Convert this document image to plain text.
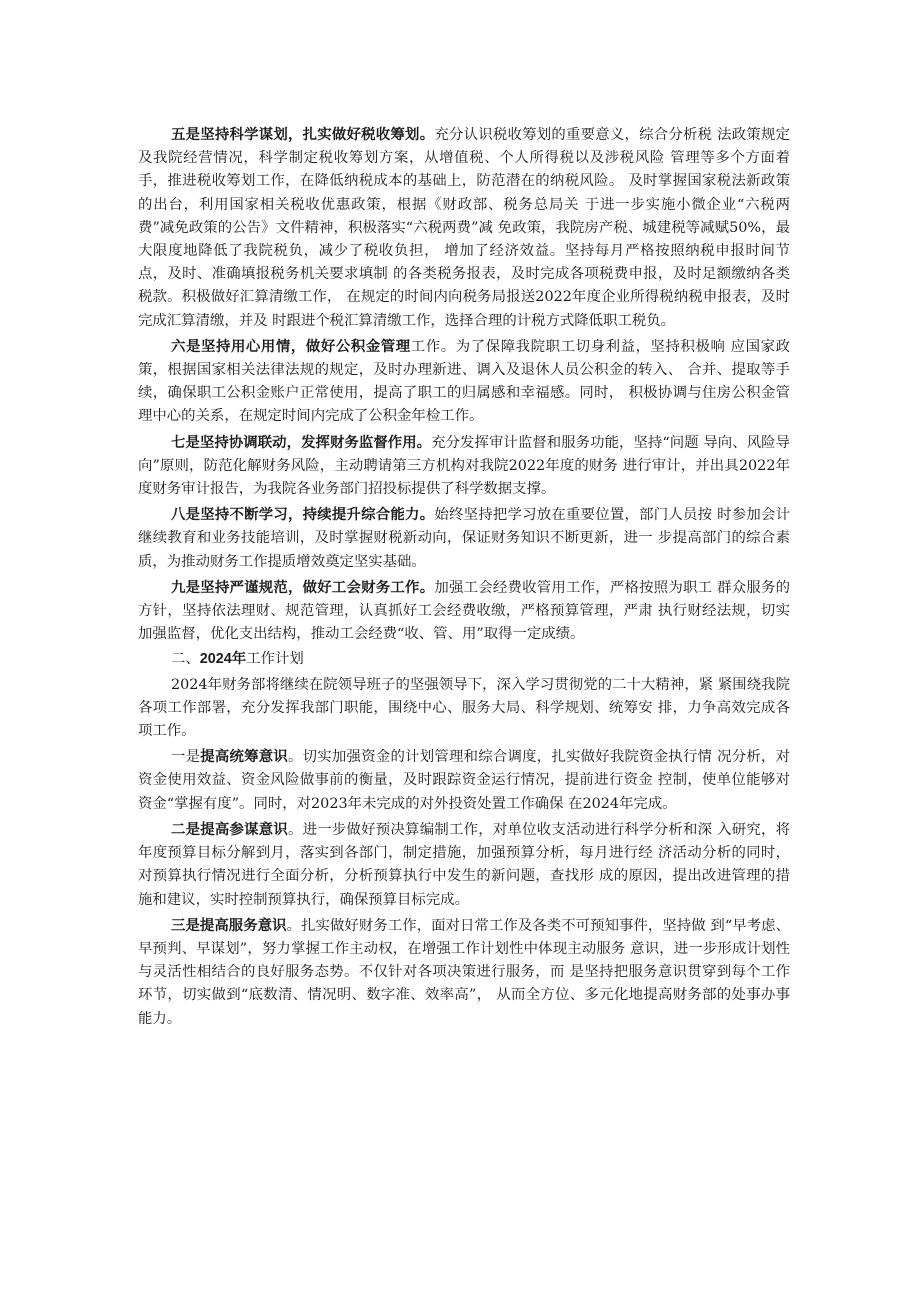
五是坚持科学谋划，扎实做好税收筹划。充分认识税收筹划的重要意义，综合分析税 法政策规定及我院经营情况，科学制定税收筹划方案，从增值税、个人所得税以及涉税风险 管理等多个方面着手，推进税收筹划工作，在降低纳税成本的基础上，防范潜在的纳税风险。 及时掌握国家税法新政策的出台，利用国家相关税收优惠政策，根据《财政部、税务总局关 于进一步实施小微企业“六税两费”减免政策的公告》文件精神，积极落实“六税两费”减 免政策，我院房产税、城建税等减赋50%，最大限度地降低了我院税负，减少了税收负担， 增加了经济效益。坚持每月严格按照纳税申报时间节点，及时、准确填报税务机关要求填制 的各类税务报表，及时完成各项税费申报，及时足额缴纳各类税款。积极做好汇算清缴工作， 在规定的时间内向税务局报送2022年度企业所得税纳税申报表，及时完成汇算清缴，并及 时跟进个税汇算清缴工作，选择合理的计税方式降低职工税负。

六是坚持用心用情，做好公积金管理工作。为了保障我院职工切身利益，坚持积极响 应国家政策，根据国家相关法律法规的规定，及时办理新进、调入及退休人员公积金的转入、 合并、提取等手续，确保职工公积金账户正常使用，提高了职工的归属感和幸福感。同时， 积极协调与住房公积金管理中心的关系，在规定时间内完成了公积金年检工作。

七是坚持协调联动，发挥财务监督作用。充分发挥审计监督和服务功能，坚持“问题 导向、风险导向”原则，防范化解财务风险，主动聘请第三方机构对我院2022年度的财务 进行审计，并出具2022年度财务审计报告，为我院各业务部门招投标提供了科学数据支撑。

八是坚持不断学习，持续提升综合能力。始终坚持把学习放在重要位置，部门人员按 时参加会计继续教育和业务技能培训，及时掌握财税新动向，保证财务知识不断更新，进一 步提高部门的综合素质，为推动财务工作提质增效奠定坚实基础。

九是坚持严谨规范，做好工会财务工作。加强工会经费收管用工作，严格按照为职工 群众服务的方针，坚持依法理财、规范管理，认真抓好工会经费收缴，严格预算管理，严肃 执行财经法规，切实加强监督，优化支出结构，推动工会经费“收、管、用”取得一定成绩。

二、2024年工作计划

2024年财务部将继续在院领导班子的坚强领导下，深入学习贯彻党的二十大精神，紧 紧围绕我院各项工作部署，充分发挥我部门职能，围绕中心、服务大局、科学规划、统筹安 排，力争高效完成各项工作。

一是提高统筹意识。切实加强资金的计划管理和综合调度，扎实做好我院资金执行情 况分析，对资金使用效益、资金风险做事前的衡量，及时跟踪资金运行情况，提前进行资金 控制，使单位能够对资金“掌握有度”。同时，对2023年未完成的对外投资处置工作确保 在2024年完成。

二是提高参谋意识。进一步做好预决算编制工作，对单位收支活动进行科学分析和深 入研究，将年度预算目标分解到月，落实到各部门，制定措施，加强预算分析，每月进行经 济活动分析的同时，对预算执行情况进行全面分析，分析预算执行中发生的新问题，查找形 成的原因，提出改进管理的措施和建议，实时控制预算执行，确保预算目标完成。

三是提高服务意识。扎实做好财务工作，面对日常工作及各类不可预知事件，坚持做 到“早考虑、早预判、早谋划”，努力掌握工作主动权，在增强工作计划性中体现主动服务 意识，进一步形成计划性与灵活性相结合的良好服务态势。不仅针对各项决策进行服务，而 是坚持把服务意识贯穿到每个工作环节，切实做到“底数清、情况明、数字准、效率高”， 从而全方位、多元化地提高财务部的处事办事能力。
